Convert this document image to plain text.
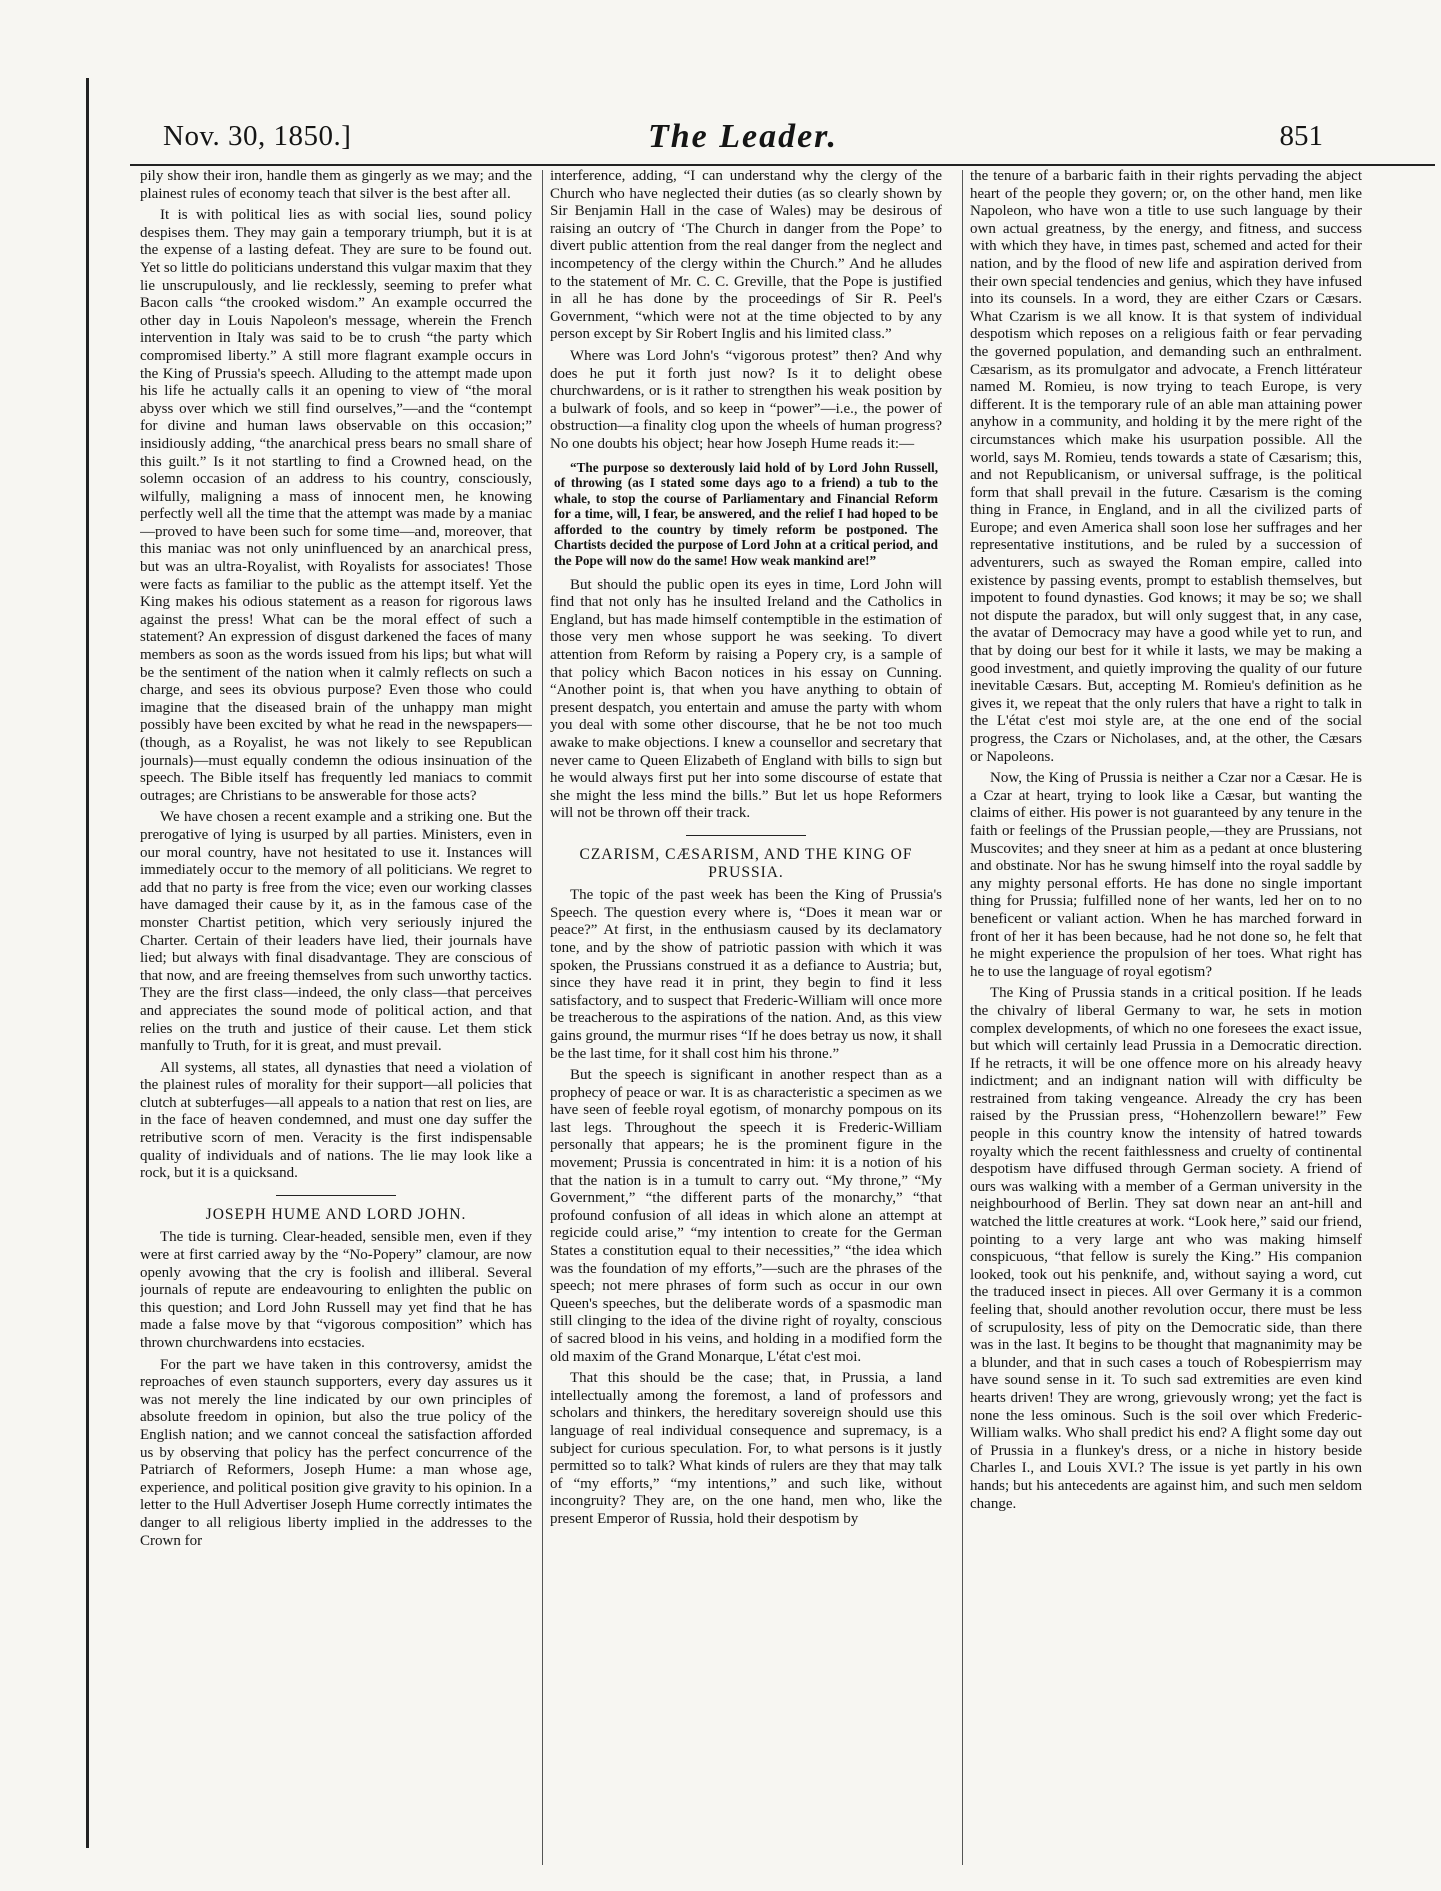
Nov. 30, 1850.]	The Leader.	851

pily show their iron, handle them as gingerly as we may; and the plainest rules of economy teach that silver is the best after all.

It is with political lies as with social lies, sound policy despises them. They may gain a temporary triumph, but it is at the expense of a lasting defeat. They are sure to be found out. Yet so little do politicians understand this vulgar maxim that they lie unscrupulously, and lie recklessly, seeming to prefer what Bacon calls “the crooked wisdom.” An example occurred the other day in Louis Napoleon's message, wherein the French intervention in Italy was said to be to crush “the party which compromised liberty.” A still more flagrant example occurs in the King of Prussia's speech. Alluding to the attempt made upon his life he actually calls it an opening to view of “the moral abyss over which we still find ourselves,”—and the “contempt for divine and human laws observable on this occasion;” insidiously adding, “the anarchical press bears no small share of this guilt.” Is it not startling to find a Crowned head, on the solemn occasion of an address to his country, consciously, wilfully, maligning a mass of innocent men, he knowing perfectly well all the time that the attempt was made by a maniac—proved to have been such for some time—and, moreover, that this maniac was not only uninfluenced by an anarchical press, but was an ultra-Royalist, with Royalists for associates! Those were facts as familiar to the public as the attempt itself. Yet the King makes his odious statement as a reason for rigorous laws against the press! What can be the moral effect of such a statement? An expression of disgust darkened the faces of many members as soon as the words issued from his lips; but what will be the sentiment of the nation when it calmly reflects on such a charge, and sees its obvious purpose? Even those who could imagine that the diseased brain of the unhappy man might possibly have been excited by what he read in the newspapers—(though, as a Royalist, he was not likely to see Republican journals)—must equally condemn the odious insinuation of the speech. The Bible itself has frequently led maniacs to commit outrages; are Christians to be answerable for those acts?

We have chosen a recent example and a striking one. But the prerogative of lying is usurped by all parties. Ministers, even in our moral country, have not hesitated to use it. Instances will immediately occur to the memory of all politicians. We regret to add that no party is free from the vice; even our working classes have damaged their cause by it, as in the famous case of the monster Chartist petition, which very seriously injured the Charter. Certain of their leaders have lied, their journals have lied; but always with final disadvantage. They are conscious of that now, and are freeing themselves from such unworthy tactics. They are the first class—indeed, the only class—that perceives and appreciates the sound mode of political action, and that relies on the truth and justice of their cause. Let them stick manfully to Truth, for it is great, and must prevail.

All systems, all states, all dynasties that need a violation of the plainest rules of morality for their support—all policies that clutch at subterfuges—all appeals to a nation that rest on lies, are in the face of heaven condemned, and must one day suffer the retributive scorn of men. Veracity is the first indispensable quality of individuals and of nations. The lie may look like a rock, but it is a quicksand.

JOSEPH HUME AND LORD JOHN.

The tide is turning. Clear-headed, sensible men, even if they were at first carried away by the “No-Popery” clamour, are now openly avowing that the cry is foolish and illiberal. Several journals of repute are endeavouring to enlighten the public on this question; and Lord John Russell may yet find that he has made a false move by that “vigorous composition” which has thrown churchwardens into ecstacies.

For the part we have taken in this controversy, amidst the reproaches of even staunch supporters, every day assures us it was not merely the line indicated by our own principles of absolute freedom in opinion, but also the true policy of the English nation; and we cannot conceal the satisfaction afforded us by observing that policy has the perfect concurrence of the Patriarch of Reformers, Joseph Hume: a man whose age, experience, and political position give gravity to his opinion. In a letter to the Hull Advertiser Joseph Hume correctly intimates the danger to all religious liberty implied in the addresses to the Crown for

interference, adding, “I can understand why the clergy of the Church who have neglected their duties (as so clearly shown by Sir Benjamin Hall in the case of Wales) may be desirous of raising an outcry of ‘The Church in danger from the Pope’ to divert public attention from the real danger from the neglect and incompetency of the clergy within the Church.” And he alludes to the statement of Mr. C. C. Greville, that the Pope is justified in all he has done by the proceedings of Sir R. Peel's Government, “which were not at the time objected to by any person except by Sir Robert Inglis and his limited class.”

Where was Lord John's “vigorous protest” then? And why does he put it forth just now? Is it to delight obese churchwardens, or is it rather to strengthen his weak position by a bulwark of fools, and so keep in “power”—i.e., the power of obstruction—a finality clog upon the wheels of human progress? No one doubts his object; hear how Joseph Hume reads it:—

“The purpose so dexterously laid hold of by Lord John Russell, of throwing (as I stated some days ago to a friend) a tub to the whale, to stop the course of Parliamentary and Financial Reform for a time, will, I fear, be answered, and the relief I had hoped to be afforded to the country by timely reform be postponed. The Chartists decided the purpose of Lord John at a critical period, and the Pope will now do the same! How weak mankind are!”

But should the public open its eyes in time, Lord John will find that not only has he insulted Ireland and the Catholics in England, but has made himself contemptible in the estimation of those very men whose support he was seeking. To divert attention from Reform by raising a Popery cry, is a sample of that policy which Bacon notices in his essay on Cunning. “Another point is, that when you have anything to obtain of present despatch, you entertain and amuse the party with whom you deal with some other discourse, that he be not too much awake to make objections. I knew a counsellor and secretary that never came to Queen Elizabeth of England with bills to sign but he would always first put her into some discourse of estate that she might the less mind the bills.” But let us hope Reformers will not be thrown off their track.

CZARISM, CÆSARISM, AND THE KING OF PRUSSIA.

The topic of the past week has been the King of Prussia's Speech. The question every where is, “Does it mean war or peace?” At first, in the enthusiasm caused by its declamatory tone, and by the show of patriotic passion with which it was spoken, the Prussians construed it as a defiance to Austria; but, since they have read it in print, they begin to find it less satisfactory, and to suspect that Frederic-William will once more be treacherous to the aspirations of the nation. And, as this view gains ground, the murmur rises “If he does betray us now, it shall be the last time, for it shall cost him his throne.”

But the speech is significant in another respect than as a prophecy of peace or war. It is as characteristic a specimen as we have seen of feeble royal egotism, of monarchy pompous on its last legs. Throughout the speech it is Frederic-William personally that appears; he is the prominent figure in the movement; Prussia is concentrated in him: it is a notion of his that the nation is in a tumult to carry out. “My throne,” “My Government,” “the different parts of the monarchy,” “that profound confusion of all ideas in which alone an attempt at regicide could arise,” “my intention to create for the German States a constitution equal to their necessities,” “the idea which was the foundation of my efforts,”—such are the phrases of the speech; not mere phrases of form such as occur in our own Queen's speeches, but the deliberate words of a spasmodic man still clinging to the idea of the divine right of royalty, conscious of sacred blood in his veins, and holding in a modified form the old maxim of the Grand Monarque, L'état c'est moi.

That this should be the case; that, in Prussia, a land intellectually among the foremost, a land of professors and scholars and thinkers, the hereditary sovereign should use this language of real individual consequence and supremacy, is a subject for curious speculation. For, to what persons is it justly permitted so to talk? What kinds of rulers are they that may talk of “my efforts,” “my intentions,” and such like, without incongruity? They are, on the one hand, men who, like the present Emperor of Russia, hold their despotism by

the tenure of a barbaric faith in their rights pervading the abject heart of the people they govern; or, on the other hand, men like Napoleon, who have won a title to use such language by their own actual greatness, by the energy, and fitness, and success with which they have, in times past, schemed and acted for their nation, and by the flood of new life and aspiration derived from their own special tendencies and genius, which they have infused into its counsels. In a word, they are either Czars or Cæsars. What Czarism is we all know. It is that system of individual despotism which reposes on a religious faith or fear pervading the governed population, and demanding such an enthralment. Cæsarism, as its promulgator and advocate, a French littérateur named M. Romieu, is now trying to teach Europe, is very different. It is the temporary rule of an able man attaining power anyhow in a community, and holding it by the mere right of the circumstances which make his usurpation possible. All the world, says M. Romieu, tends towards a state of Cæsarism; this, and not Republicanism, or universal suffrage, is the political form that shall prevail in the future. Cæsarism is the coming thing in France, in England, and in all the civilized parts of Europe; and even America shall soon lose her suffrages and her representative institutions, and be ruled by a succession of adventurers, such as swayed the Roman empire, called into existence by passing events, prompt to establish themselves, but impotent to found dynasties. God knows; it may be so; we shall not dispute the paradox, but will only suggest that, in any case, the avatar of Democracy may have a good while yet to run, and that by doing our best for it while it lasts, we may be making a good investment, and quietly improving the quality of our future inevitable Cæsars. But, accepting M. Romieu's definition as he gives it, we repeat that the only rulers that have a right to talk in the L'état c'est moi style are, at the one end of the social progress, the Czars or Nicholases, and, at the other, the Cæsars or Napoleons.

Now, the King of Prussia is neither a Czar nor a Cæsar. He is a Czar at heart, trying to look like a Cæsar, but wanting the claims of either. His power is not guaranteed by any tenure in the faith or feelings of the Prussian people,—they are Prussians, not Muscovites; and they sneer at him as a pedant at once blustering and obstinate. Nor has he swung himself into the royal saddle by any mighty personal efforts. He has done no single important thing for Prussia; fulfilled none of her wants, led her on to no beneficent or valiant action. When he has marched forward in front of her it has been because, had he not done so, he felt that he might experience the propulsion of her toes. What right has he to use the language of royal egotism?

The King of Prussia stands in a critical position. If he leads the chivalry of liberal Germany to war, he sets in motion complex developments, of which no one foresees the exact issue, but which will certainly lead Prussia in a Democratic direction. If he retracts, it will be one offence more on his already heavy indictment; and an indignant nation will with difficulty be restrained from taking vengeance. Already the cry has been raised by the Prussian press, “Hohenzollern beware!” Few people in this country know the intensity of hatred towards royalty which the recent faithlessness and cruelty of continental despotism have diffused through German society. A friend of ours was walking with a member of a German university in the neighbourhood of Berlin. They sat down near an ant-hill and watched the little creatures at work. “Look here,” said our friend, pointing to a very large ant who was making himself conspicuous, “that fellow is surely the King.” His companion looked, took out his penknife, and, without saying a word, cut the traduced insect in pieces. All over Germany it is a common feeling that, should another revolution occur, there must be less of scrupulosity, less of pity on the Democratic side, than there was in the last. It begins to be thought that magnanimity may be a blunder, and that in such cases a touch of Robespierrism may have sound sense in it. To such sad extremities are even kind hearts driven! They are wrong, grievously wrong; yet the fact is none the less ominous. Such is the soil over which Frederic-William walks. Who shall predict his end? A flight some day out of Prussia in a flunkey's dress, or a niche in history beside Charles I., and Louis XVI.? The issue is yet partly in his own hands; but his antecedents are against him, and such men seldom change.
